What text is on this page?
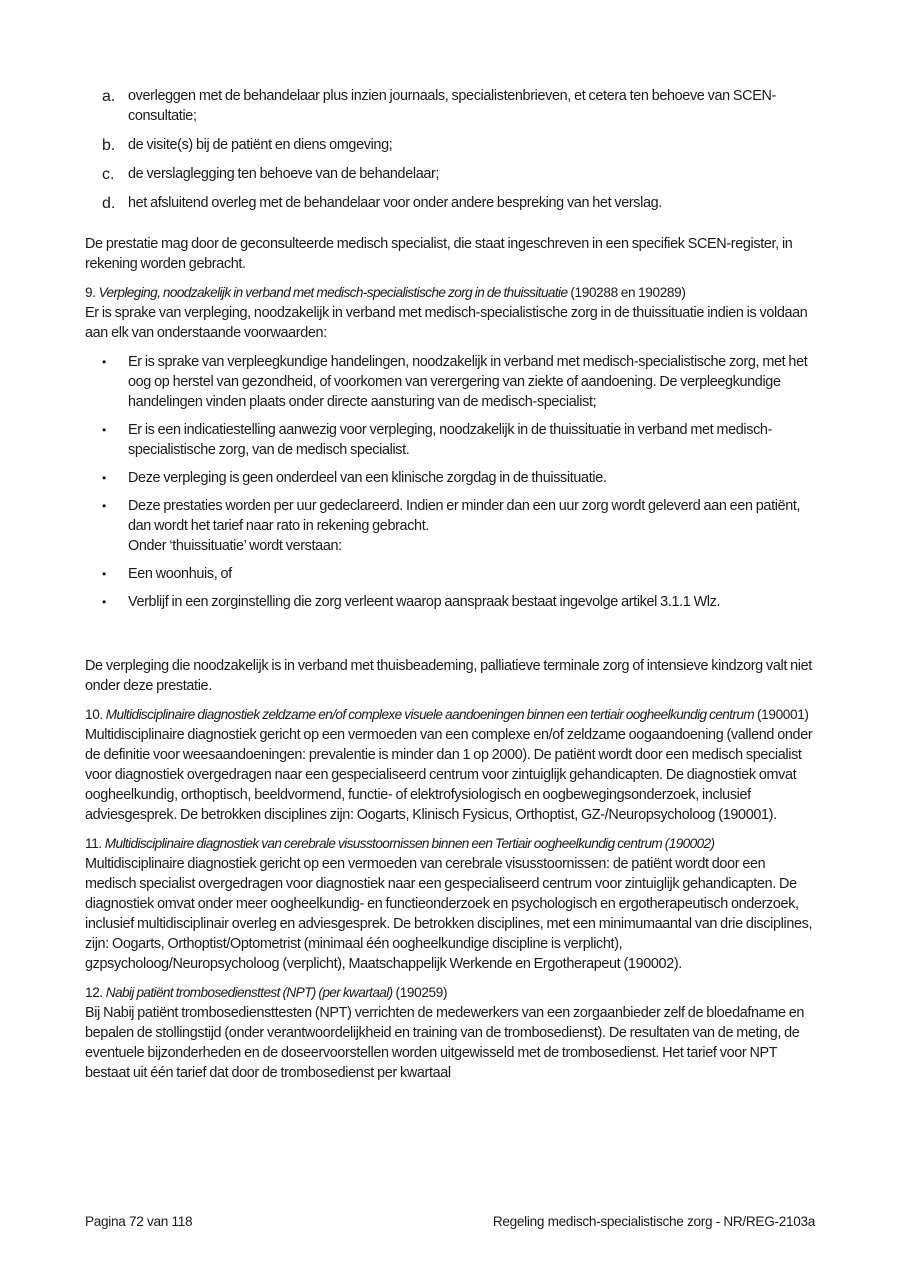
a. overleggen met de behandelaar plus inzien journaals, specialistenbrieven, et cetera ten behoeve van SCEN-consultatie;
b. de visite(s) bij de patiënt en diens omgeving;
c. de verslaglegging ten behoeve van de behandelaar;
d. het afsluitend overleg met de behandelaar voor onder andere bespreking van het verslag.

De prestatie mag door de geconsulteerde medisch specialist, die staat ingeschreven in een specifiek SCEN-register, in rekening worden gebracht.

9. Verpleging, noodzakelijk in verband met medisch-specialistische zorg in de thuissituatie (190288 en 190289)

Er is sprake van verpleging, noodzakelijk in verband met medisch-specialistische zorg in de thuissituatie indien is voldaan aan elk van onderstaande voorwaarden:

• Er is sprake van verpleegkundige handelingen, noodzakelijk in verband met medisch-specialistische zorg, met het oog op herstel van gezondheid, of voorkomen van verergering van ziekte of aandoening. De verpleegkundige handelingen vinden plaats onder directe aansturing van de medisch-specialist;
• Er is een indicatiestelling aanwezig voor verpleging, noodzakelijk in de thuissituatie in verband met medisch-specialistische zorg, van de medisch specialist.
• Deze verpleging is geen onderdeel van een klinische zorgdag in de thuissituatie.
• Deze prestaties worden per uur gedeclareerd. Indien er minder dan een uur zorg wordt geleverd aan een patiënt, dan wordt het tarief naar rato in rekening gebracht.
Onder ‘thuissituatie’ wordt verstaan:
• Een woonhuis, of
• Verblijf in een zorginstelling die zorg verleent waarop aanspraak bestaat ingevolge artikel 3.1.1 Wlz.

De verpleging die noodzakelijk is in verband met thuisbeademing, palliatieve terminale zorg of intensieve kindzorg valt niet onder deze prestatie.

10. Multidisciplinaire diagnostiek zeldzame en/of complexe visuele aandoeningen binnen een tertiair oogheelkundig centrum (190001)

Multidisciplinaire diagnostiek gericht op een vermoeden van een complexe en/of zeldzame oogaandoening (vallend onder de definitie voor weesaandoeningen: prevalentie is minder dan 1 op 2000). De patiënt wordt door een medisch specialist voor diagnostiek overgedragen naar een gespecialiseerd centrum voor zintuiglijk gehandicapten. De diagnostiek omvat oogheelkundig, orthoptisch, beeldvormend, functie- of elektrofysiologisch en oogbewegingsonderzoek, inclusief adviesgesprek. De betrokken disciplines zijn: Oogarts, Klinisch Fysicus, Orthoptist, GZ-/Neuropsycholoog (190001).

11. Multidisciplinaire diagnostiek van cerebrale visusstoornissen binnen een Tertiair oogheelkundig centrum (190002)

Multidisciplinaire diagnostiek gericht op een vermoeden van cerebrale visusstoornissen: de patiënt wordt door een medisch specialist overgedragen voor diagnostiek naar een gespecialiseerd centrum voor zintuiglijk gehandicapten. De diagnostiek omvat onder meer oogheelkundig- en functieonderzoek en psychologisch en ergotherapeutisch onderzoek, inclusief multidisciplinair overleg en adviesgesprek. De betrokken disciplines, met een minimumaantal van drie disciplines, zijn: Oogarts, Orthoptist/Optometrist (minimaal één oogheelkundige discipline is verplicht), gzpsycholoog/Neuropsycholoog (verplicht), Maatschappelijk Werkende en Ergotherapeut (190002).

12. Nabij patiënt trombosediensttest (NPT) (per kwartaal) (190259)

Bij Nabij patiënt trombosediensttesten (NPT) verrichten de medewerkers van een zorgaanbieder zelf de bloedafname en bepalen de stollingstijd (onder verantwoordelijkheid en training van de trombosedienst). De resultaten van de meting, de eventuele bijzonderheden en de doseervoorstellen worden uitgewisseld met de trombosedienst. Het tarief voor NPT bestaat uit één tarief dat door de trombosedienst per kwartaal

Pagina 72 van 118	Regeling medisch-specialistische zorg - NR/REG-2103a
